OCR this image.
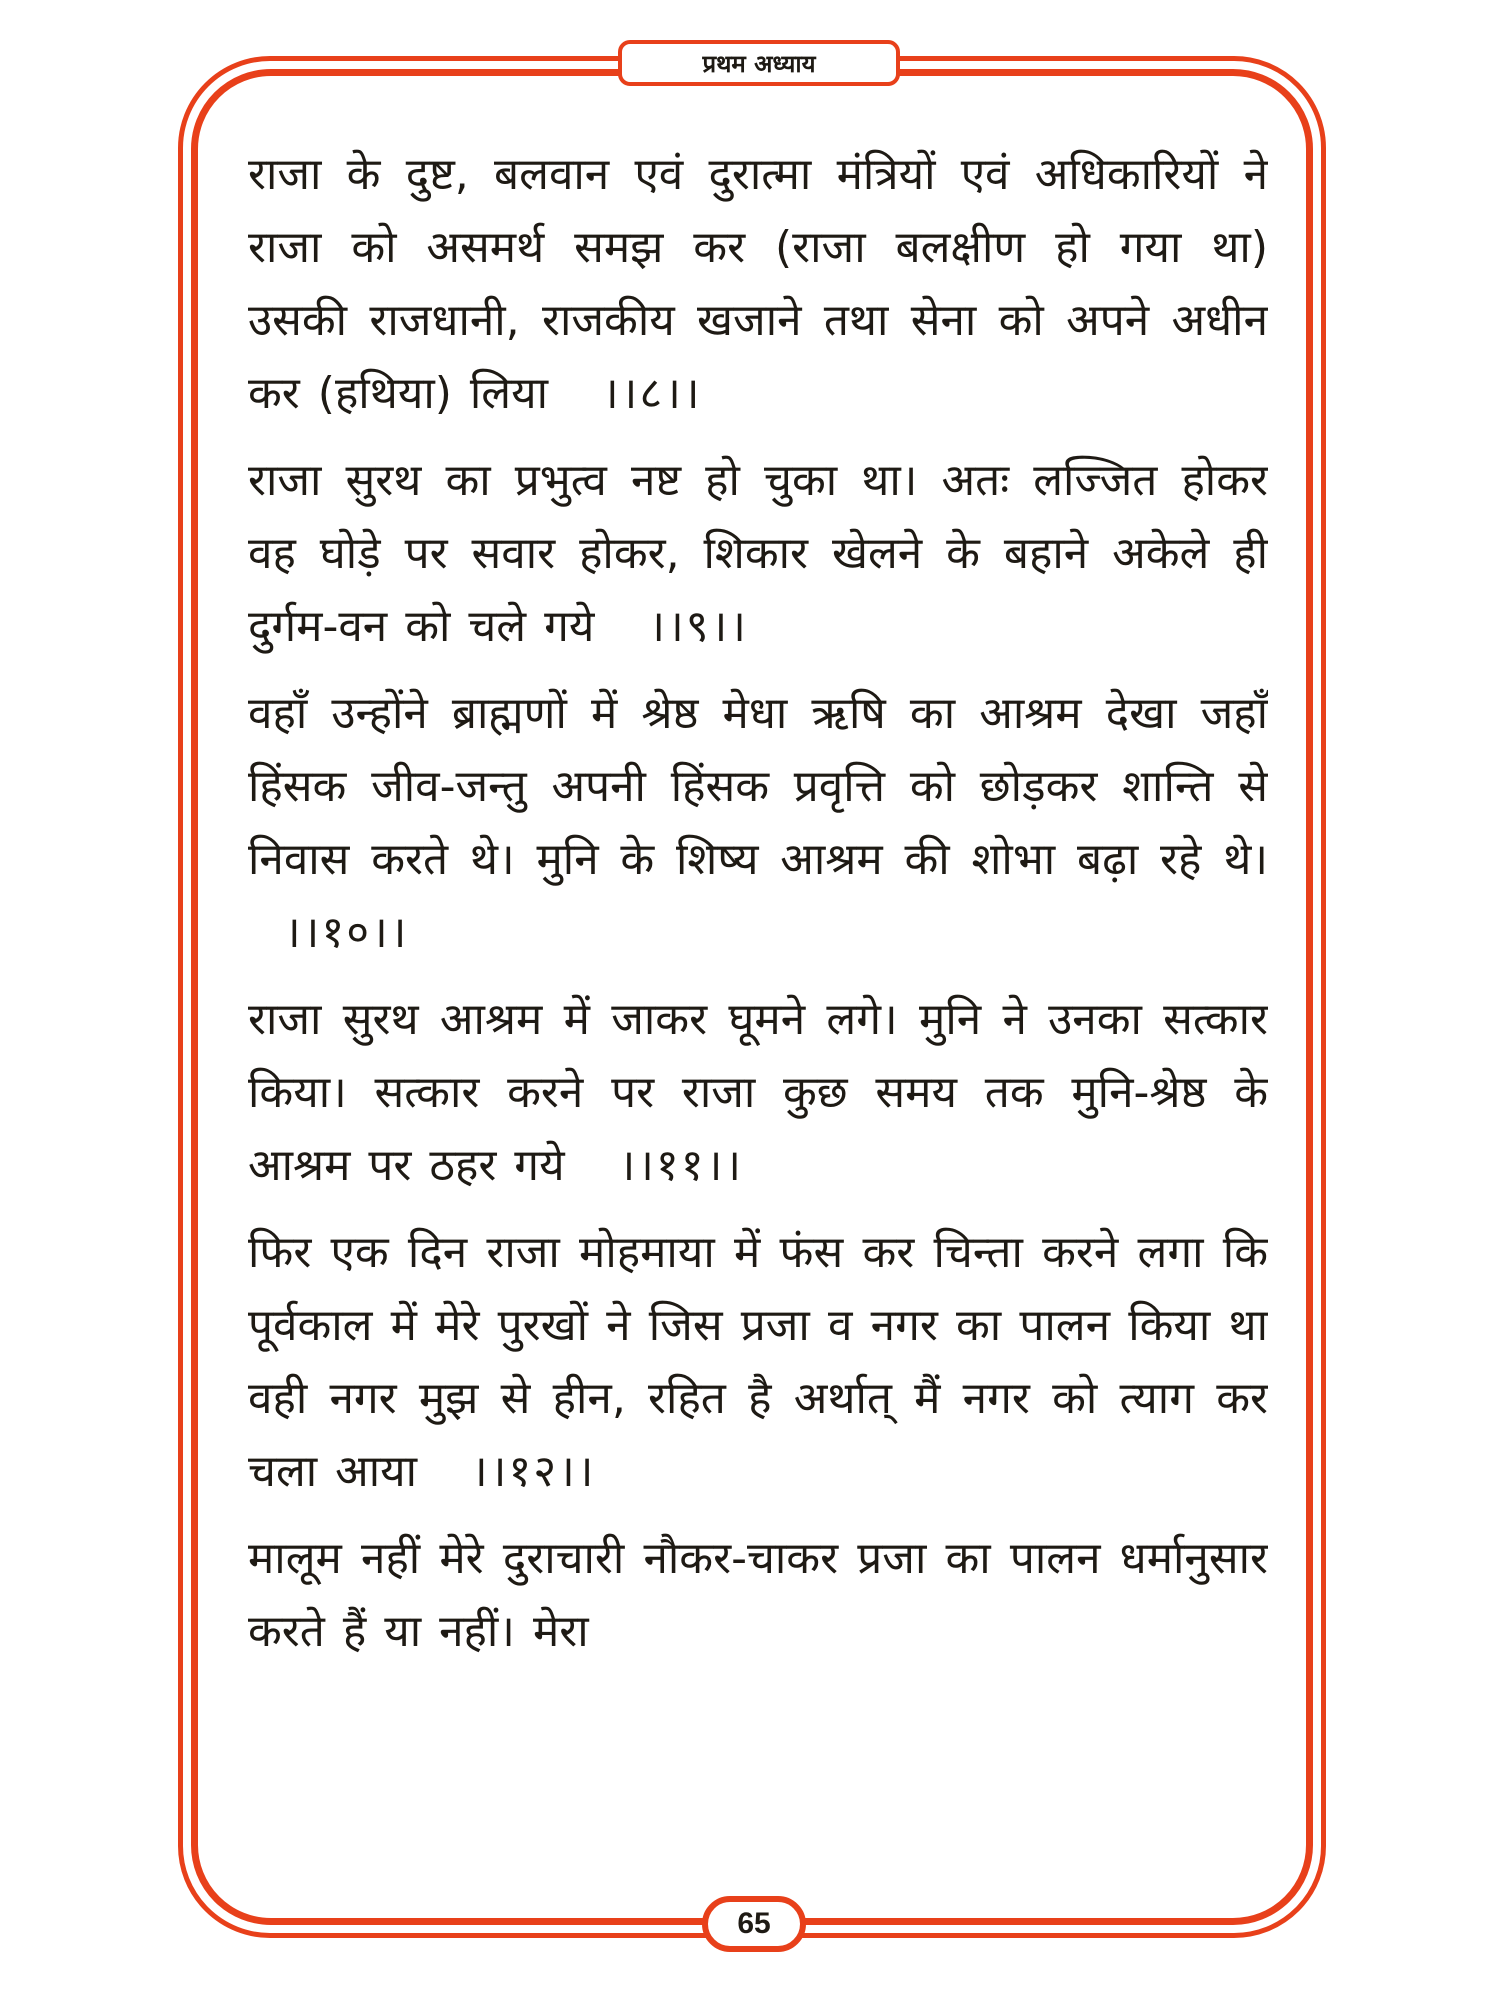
प्रथम अध्याय

राजा के दुष्ट, बलवान एवं दुरात्मा मंत्रियों एवं अधिकारियों ने राजा को असमर्थ समझ कर (राजा बलक्षीण हो गया था) उसकी राजधानी, राजकीय खजाने तथा सेना को अपने अधीन कर (हथिया) लिया ।।८।।

राजा सुरथ का प्रभुत्व नष्ट हो चुका था। अतः लज्जित होकर वह घोड़े पर सवार होकर, शिकार खेलने के बहाने अकेले ही दुर्गम-वन को चले गये ।।९।।

वहाँ उन्होंने ब्राह्मणों में श्रेष्ठ मेधा ऋषि का आश्रम देखा जहाँ हिंसक जीव-जन्तु अपनी हिंसक प्रवृत्ति को छोड़कर शान्ति से निवास करते थे। मुनि के शिष्य आश्रम की शोभा बढ़ा रहे थे।   ।।१०।।

राजा सुरथ आश्रम में जाकर घूमने लगे। मुनि ने उनका सत्कार किया। सत्कार करने पर राजा कुछ समय तक मुनि-श्रेष्ठ के आश्रम पर ठहर गये ।।११।।

फिर एक दिन राजा मोहमाया में फंस कर चिन्ता करने लगा कि पूर्वकाल में मेरे पुरखों ने जिस प्रजा व नगर का पालन किया था वही नगर मुझ से हीन, रहित है अर्थात् मैं नगर को त्याग कर चला आया ।।१२।।

मालूम नहीं मेरे दुराचारी नौकर-चाकर प्रजा का पालन धर्मानुसार करते हैं या नहीं। मेरा

65
